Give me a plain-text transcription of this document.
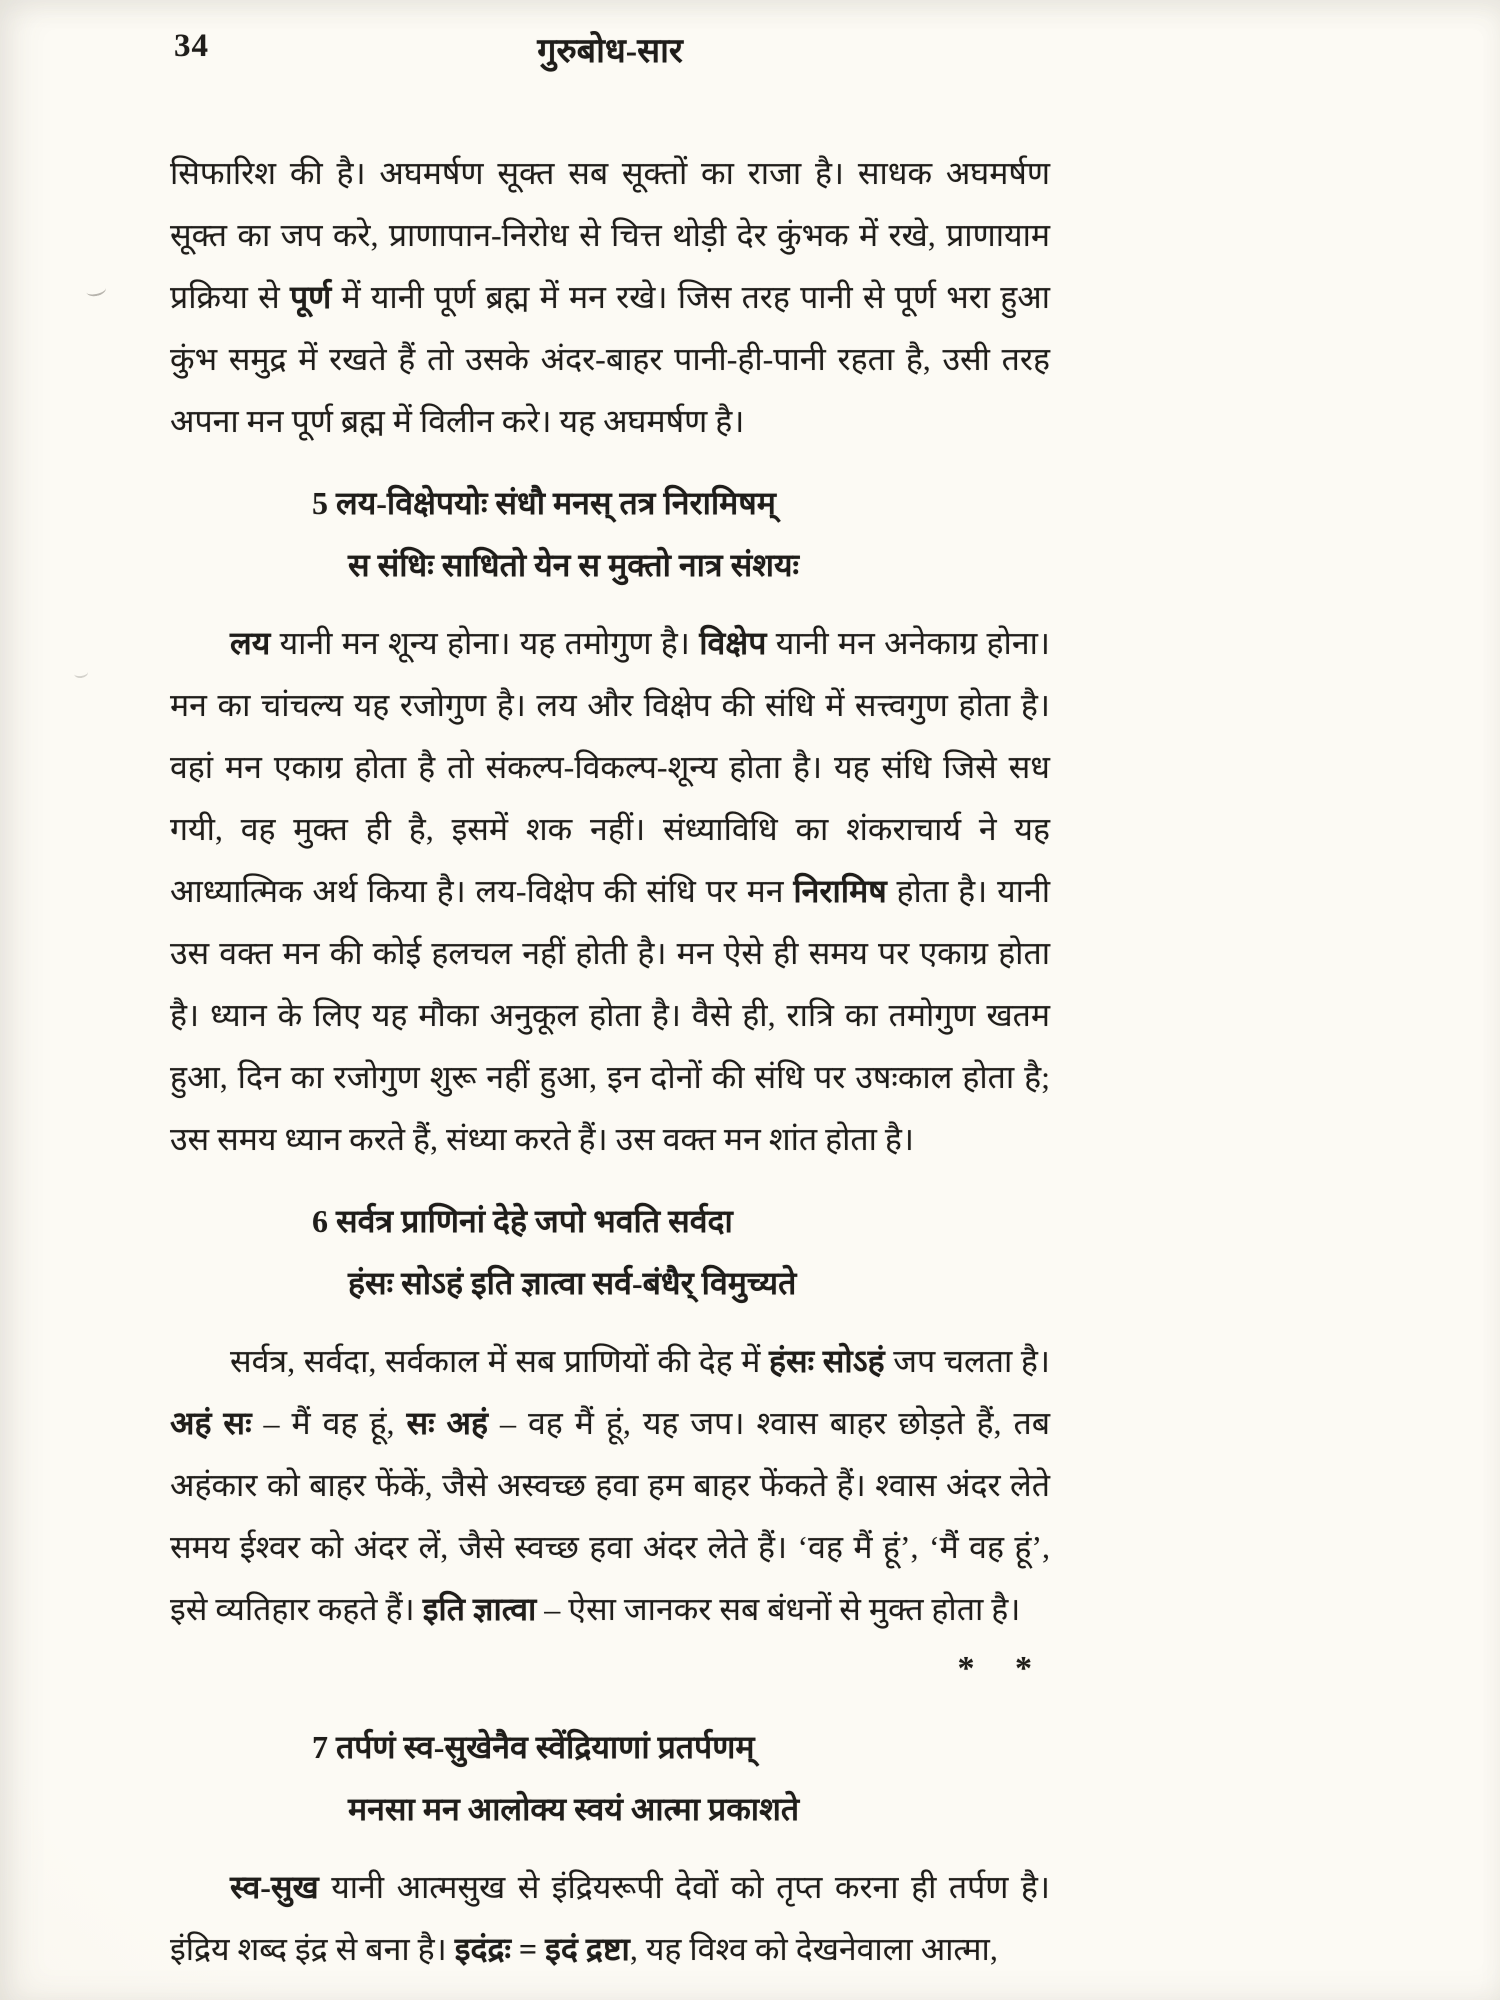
34	गुरुबोध-सार

सिफारिश की है। अघमर्षण सूक्त सब सूक्तों का राजा है। साधक अघमर्षण सूक्त का जप करे, प्राणापान-निरोध से चित्त थोड़ी देर कुंभक में रखे, प्राणायाम प्रक्रिया से पूर्ण में यानी पूर्ण ब्रह्म में मन रखे। जिस तरह पानी से पूर्ण भरा हुआ कुंभ समुद्र में रखते हैं तो उसके अंदर-बाहर पानी-ही-पानी रहता है, उसी तरह अपना मन पूर्ण ब्रह्म में विलीन करे। यह अघमर्षण है।

5 लय-विक्षेपयोः संधौ मनस् तत्र निरामिषम्
स संधिः साधितो येन स मुक्तो नात्र संशयः

लय यानी मन शून्य होना। यह तमोगुण है। विक्षेप यानी मन अनेकाग्र होना। मन का चांचल्य यह रजोगुण है। लय और विक्षेप की संधि में सत्त्वगुण होता है। वहां मन एकाग्र होता है तो संकल्प-विकल्प-शून्य होता है। यह संधि जिसे सध गयी, वह मुक्त ही है, इसमें शक नहीं। संध्याविधि का शंकराचार्य ने यह आध्यात्मिक अर्थ किया है। लय-विक्षेप की संधि पर मन निरामिष होता है। यानी उस वक्त मन की कोई हलचल नहीं होती है। मन ऐसे ही समय पर एकाग्र होता है। ध्यान के लिए यह मौका अनुकूल होता है। वैसे ही, रात्रि का तमोगुण खतम हुआ, दिन का रजोगुण शुरू नहीं हुआ, इन दोनों की संधि पर उषःकाल होता है; उस समय ध्यान करते हैं, संध्या करते हैं। उस वक्त मन शांत होता है।

6 सर्वत्र प्राणिनां देहे जपो भवति सर्वदा
हंसः सोऽहं इति ज्ञात्वा सर्व-बंधैर् विमुच्यते

सर्वत्र, सर्वदा, सर्वकाल में सब प्राणियों की देह में हंसः सोऽहं जप चलता है। अहं सः – मैं वह हूं, सः अहं – वह मैं हूं, यह जप। श्वास बाहर छोड़ते हैं, तब अहंकार को बाहर फेंकें, जैसे अस्वच्छ हवा हम बाहर फेंकते हैं। श्वास अंदर लेते समय ईश्वर को अंदर लें, जैसे स्वच्छ हवा अंदर लेते हैं। ‘वह मैं हूं’, ‘मैं वह हूं’, इसे व्यतिहार कहते हैं। इति ज्ञात्वा – ऐसा जानकर सब बंधनों से मुक्त होता है।

* *
7 तर्पणं स्व-सुखेनैव स्वेंद्रियाणां प्रतर्पणम्
मनसा मन आलोक्य स्वयं आत्मा प्रकाशते

स्व-सुख यानी आत्मसुख से इंद्रियरूपी देवों को तृप्त करना ही तर्पण है। इंद्रिय शब्द इंद्र से बना है। इदंद्रः = इदं द्रष्टा, यह विश्व को देखनेवाला आत्मा,
